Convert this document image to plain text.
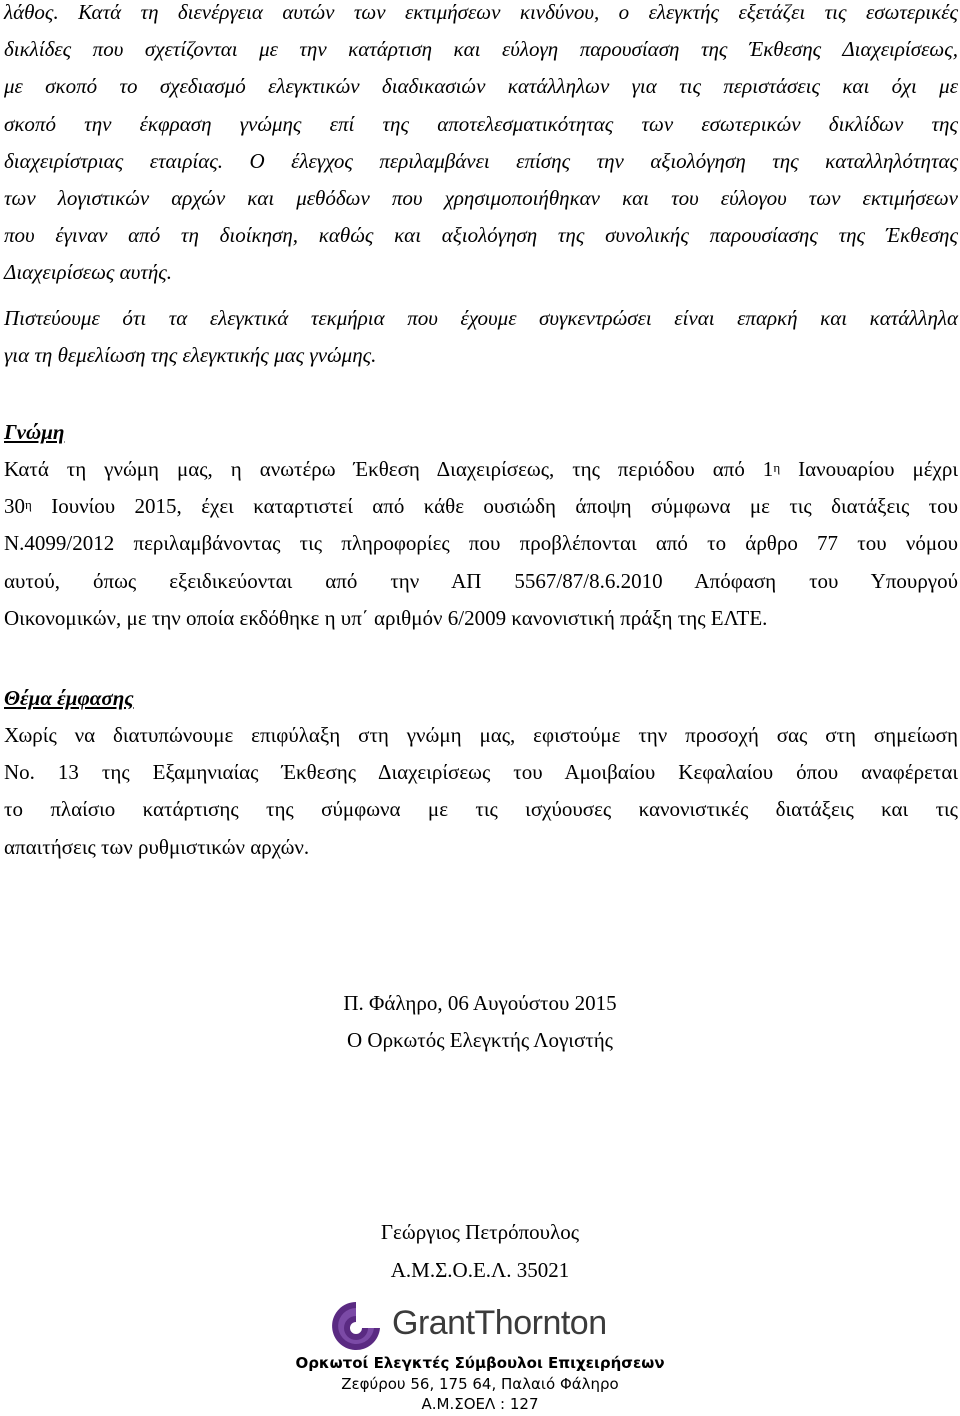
λάθος. Κατά τη διενέργεια αυτών των εκτιμήσεων κινδύνου, ο ελεγκτής εξετάζει τις εσωτερικές
δικλίδες που σχετίζονται με την κατάρτιση και εύλογη παρουσίαση της Έκθεσης Διαχειρίσεως,
με σκοπό το σχεδιασμό ελεγκτικών διαδικασιών κατάλληλων για τις περιστάσεις και όχι με
σκοπό την έκφραση γνώμης επί της αποτελεσματικότητας των εσωτερικών δικλίδων της
διαχειρίστριας εταιρίας. Ο έλεγχος περιλαμβάνει επίσης την αξιολόγηση της καταλληλότητας
των λογιστικών αρχών και μεθόδων που χρησιμοποιήθηκαν και του εύλογου των εκτιμήσεων
που έγιναν από τη διοίκηση, καθώς και αξιολόγηση της συνολικής παρουσίασης της Έκθεσης
Διαχειρίσεως αυτής.
Πιστεύουμε ότι τα ελεγκτικά τεκμήρια που έχουμε συγκεντρώσει είναι επαρκή και κατάλληλα
για τη θεμελίωση της ελεγκτικής μας γνώμης.

Γνώμη

Κατά τη γνώμη μας, η ανωτέρω Έκθεση Διαχειρίσεως, της περιόδου από $1^\eta$ Ιανουαρίου μέχρι
$30^\eta$ Ιουνίου 2015, έχει καταρτιστεί από κάθε ουσιώδη άποψη σύμφωνα με τις διατάξεις του
Ν.4099/2012 περιλαμβάνοντας τις πληροφορίες που προβλέπονται από το άρθρο 77 του νόμου
αυτού, όπως εξειδικεύονται από την ΑΠ 5567/87/8.6.2010 Απόφαση του Υπουργού
Οικονομικών, με την οποία εκδόθηκε η υπ΄ αριθμόν 6/2009 κανονιστική πράξη της ΕΛΤΕ.

Θέμα έμφασης

Χωρίς να διατυπώνουμε επιφύλαξη στη γνώμη μας, εφιστούμε την προσοχή σας στη σημείωση
Νο. 13 της Εξαμηνιαίας Έκθεσης Διαχειρίσεως του Αμοιβαίου Κεφαλαίου όπου αναφέρεται
το πλαίσιο κατάρτισης της σύμφωνα με τις ισχύουσες κανονιστικές διατάξεις και τις
απαιτήσεις των ρυθμιστικών αρχών.
Π. Φάληρο, 06 Αυγούστου 2015
Ο Ορκωτός Ελεγκτής Λογιστής
Γεώργιος Πετρόπουλος
Α.Μ.Σ.Ο.Ε.Λ. 35021
GrantThornton
Ορκωτοί Ελεγκτές Σύμβουλοι Επιχειρήσεων
Ζεφύρου 56, 175 64, Παλαιό Φάληρο
Α.Μ.ΣΟΕΛ : 127
